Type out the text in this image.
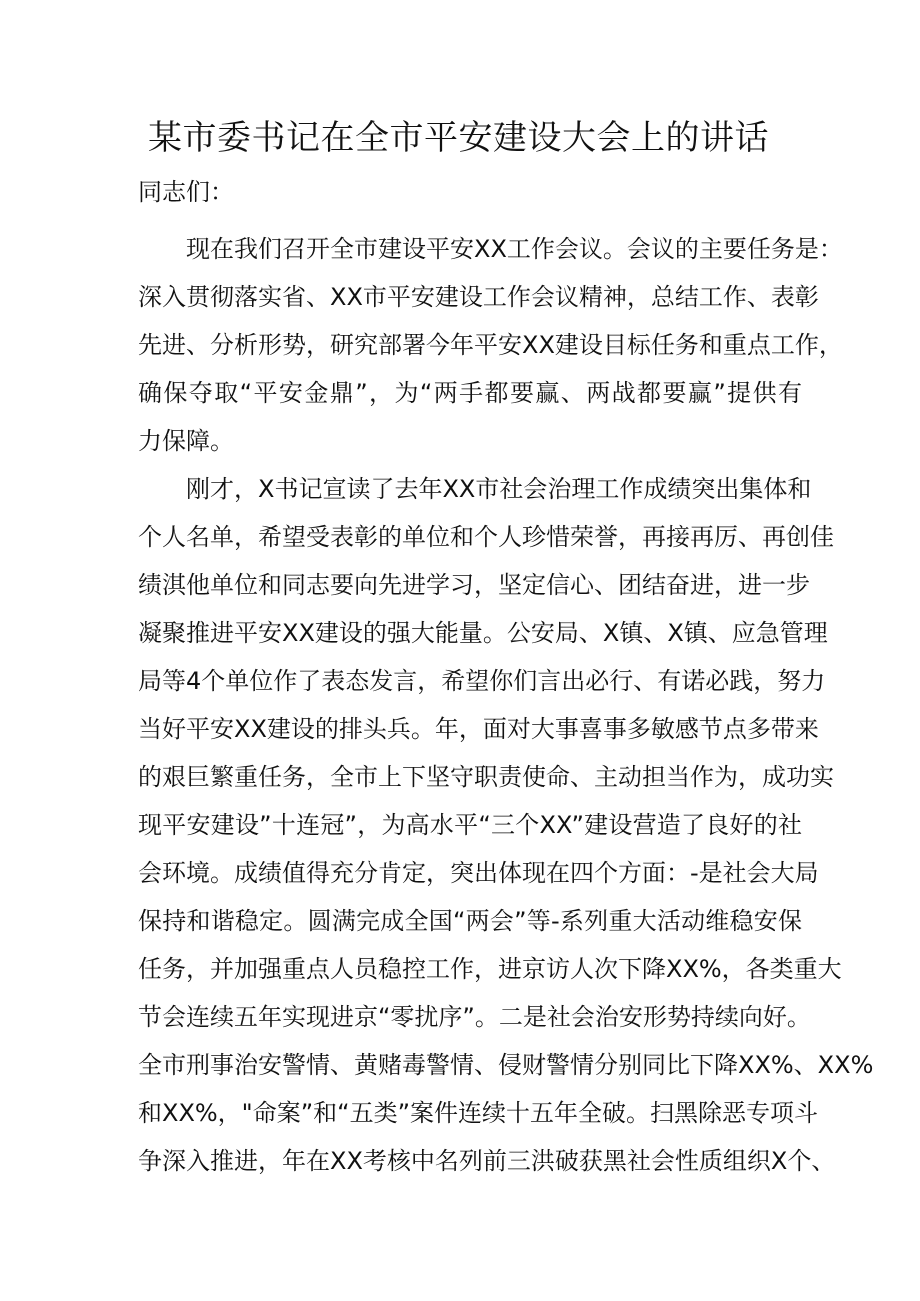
某市委书记在全市平安建设大会上的讲话

同志们：

现在我们召开全市建设平安XX工作会议。会议的主要任务是：

深入贯彻落实省、XX市平安建设工作会议精神，总结工作、表彰

先进、分析形势，研究部署今年平安XX建设目标任务和重点工作，

确保夺取“平安金鼎”，为“两手都要赢、两战都要赢”提供有

力保障。

刚才，X书记宣读了去年XX市社会治理工作成绩突出集体和

个人名单，希望受表彰的单位和个人珍惜荣誉，再接再厉、再创佳

绩淇他单位和同志要向先进学习，坚定信心、团结奋进，进一步

凝聚推进平安XX建设的强大能量。公安局、X镇、X镇、应急管理

局等4个单位作了表态发言，希望你们言出必行、有诺必践，努力

当好平安XX建设的排头兵。年，面对大事喜事多敏感节点多带来

的艰巨繁重任务，全市上下坚守职责使命、主动担当作为，成功实

现平安建设”十连冠”，为高水平“三个XX”建设营造了良好的社

会环境。成绩值得充分肯定，突出体现在四个方面：-是社会大局

保持和谐稳定。圆满完成全国“两会”等-系列重大活动维稳安保

任务，并加强重点人员稳控工作，进京访人次下降XX%，各类重大

节会连续五年实现进京“零扰序”。二是社会治安形势持续向好。

全市刑事治安警情、黄赌毒警情、侵财警情分别同比下降XX%、XX%

和XX%，"命案”和“五类”案件连续十五年全破。扫黑除恶专项斗

争深入推进，年在XX考核中名列前三洪破获黑社会性质组织X个、
